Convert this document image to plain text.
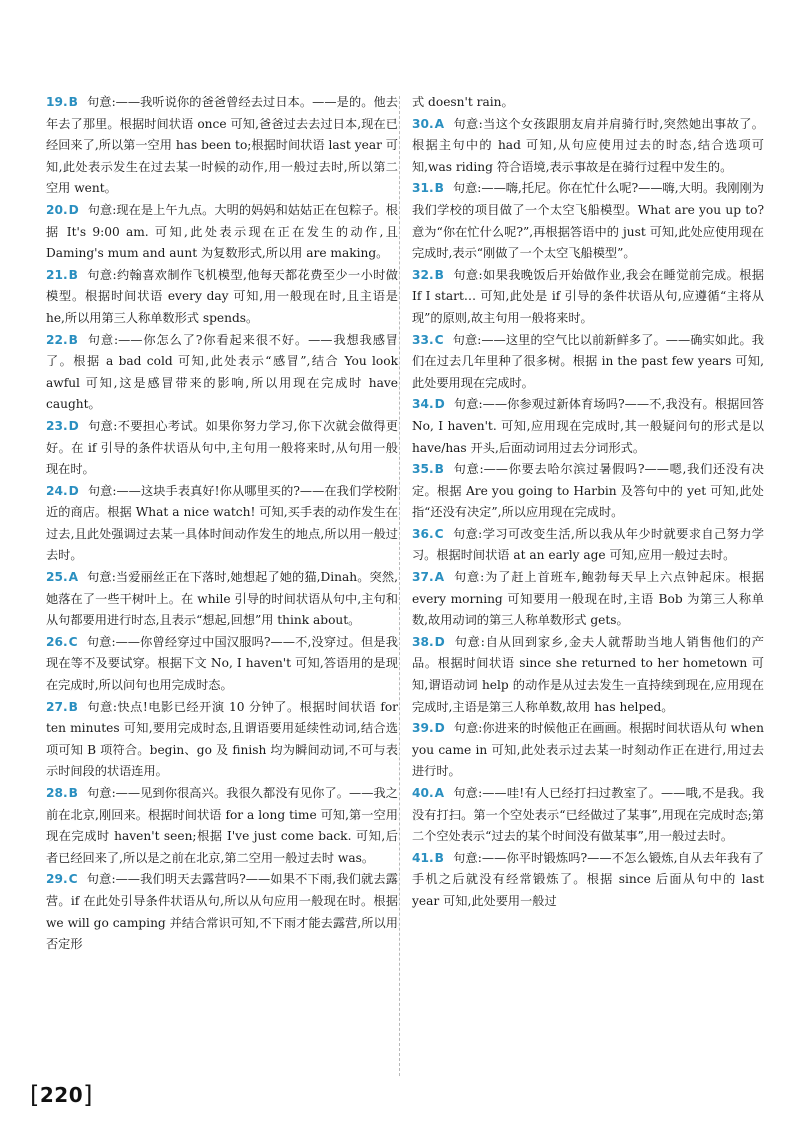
19.B 句意:——我听说你的爸爸曾经去过日本。——是的。他去年去了那里。根据时间状语 once 可知,爸爸过去去过日本,现在已经回来了,所以第一空用 has been to;根据时间状语 last year 可知,此处表示发生在过去某一时候的动作,用一般过去时,所以第二空用 went。
20.D 句意:现在是上午九点。大明的妈妈和姑姑正在包粽子。根据 It's 9:00 am. 可知,此处表示现在正在发生的动作,且 Daming's mum and aunt 为复数形式,所以用 are making。
21.B 句意:约翰喜欢制作飞机模型,他每天都花费至少一小时做模型。根据时间状语 every day 可知,用一般现在时,且主语是 he,所以用第三人称单数形式 spends。
22.B 句意:——你怎么了?你看起来很不好。——我想我感冒了。根据 a bad cold 可知,此处表示“感冒”,结合 You look awful 可知,这是感冒带来的影响,所以用现在完成时 have caught。
23.D 句意:不要担心考试。如果你努力学习,你下次就会做得更好。在 if 引导的条件状语从句中,主句用一般将来时,从句用一般现在时。
24.D 句意:——这块手表真好!你从哪里买的?——在我们学校附近的商店。根据 What a nice watch! 可知,买手表的动作发生在过去,且此处强调过去某一具体时间动作发生的地点,所以用一般过去时。
25.A 句意:当爱丽丝正在下落时,她想起了她的猫,Dinah。突然,她落在了一些干树叶上。在 while 引导的时间状语从句中,主句和从句都要用进行时态,且表示“想起,回想”用 think about。
26.C 句意:——你曾经穿过中国汉服吗?——不,没穿过。但是我现在等不及要试穿。根据下文 No, I haven't 可知,答语用的是现在完成时,所以问句也用完成时态。
27.B 句意:快点!电影已经开演 10 分钟了。根据时间状语 for ten minutes 可知,要用完成时态,且谓语要用延续性动词,结合选项可知 B 项符合。begin、go 及 finish 均为瞬间动词,不可与表示时间段的状语连用。
28.B 句意:——见到你很高兴。我很久都没有见你了。——我之前在北京,刚回来。根据时间状语 for a long time 可知,第一空用现在完成时 haven't seen;根据 I've just come back. 可知,后者已经回来了,所以是之前在北京,第二空用一般过去时 was。
29.C 句意:——我们明天去露营吗?——如果不下雨,我们就去露营。if 在此处引导条件状语从句,所以从句应用一般现在时。根据 we will go camping 并结合常识可知,不下雨才能去露营,所以用否定形
式 doesn't rain。
30.A 句意:当这个女孩跟朋友肩并肩骑行时,突然她出事故了。根据主句中的 had 可知,从句应使用过去的时态,结合选项可知,was riding 符合语境,表示事故是在骑行过程中发生的。
31.B 句意:——嗨,托尼。你在忙什么呢?——嗨,大明。我刚刚为我们学校的项目做了一个太空飞船模型。What are you up to? 意为“你在忙什么呢?”,再根据答语中的 just 可知,此处应使用现在完成时,表示“刚做了一个太空飞船模型”。
32.B 句意:如果我晚饭后开始做作业,我会在睡觉前完成。根据 If I start… 可知,此处是 if 引导的条件状语从句,应遵循“主将从现”的原则,故主句用一般将来时。
33.C 句意:——这里的空气比以前新鲜多了。——确实如此。我们在过去几年里种了很多树。根据 in the past few years 可知,此处要用现在完成时。
34.D 句意:——你参观过新体育场吗?——不,我没有。根据回答 No, I haven't. 可知,应用现在完成时,其一般疑问句的形式是以 have/has 开头,后面动词用过去分词形式。
35.B 句意:——你要去哈尔滨过暑假吗?——嗯,我们还没有决定。根据 Are you going to Harbin 及答句中的 yet 可知,此处指“还没有决定”,所以应用现在完成时。
36.C 句意:学习可改变生活,所以我从年少时就要求自己努力学习。根据时间状语 at an early age 可知,应用一般过去时。
37.A 句意:为了赶上首班车,鲍勃每天早上六点钟起床。根据 every morning 可知要用一般现在时,主语 Bob 为第三人称单数,故用动词的第三人称单数形式 gets。
38.D 句意:自从回到家乡,金夫人就帮助当地人销售他们的产品。根据时间状语 since she returned to her hometown 可知,谓语动词 help 的动作是从过去发生一直持续到现在,应用现在完成时,主语是第三人称单数,故用 has helped。
39.D 句意:你进来的时候他正在画画。根据时间状语从句 when you came in 可知,此处表示过去某一时刻动作正在进行,用过去进行时。
40.A 句意:——哇!有人已经打扫过教室了。——哦,不是我。我没有打扫。第一个空处表示“已经做过了某事”,用现在完成时态;第二个空处表示“过去的某个时间没有做某事”,用一般过去时。
41.B 句意:——你平时锻炼吗?——不怎么锻炼,自从去年我有了手机之后就没有经常锻炼了。根据 since 后面从句中的 last year 可知,此处要用一般过
[220]
